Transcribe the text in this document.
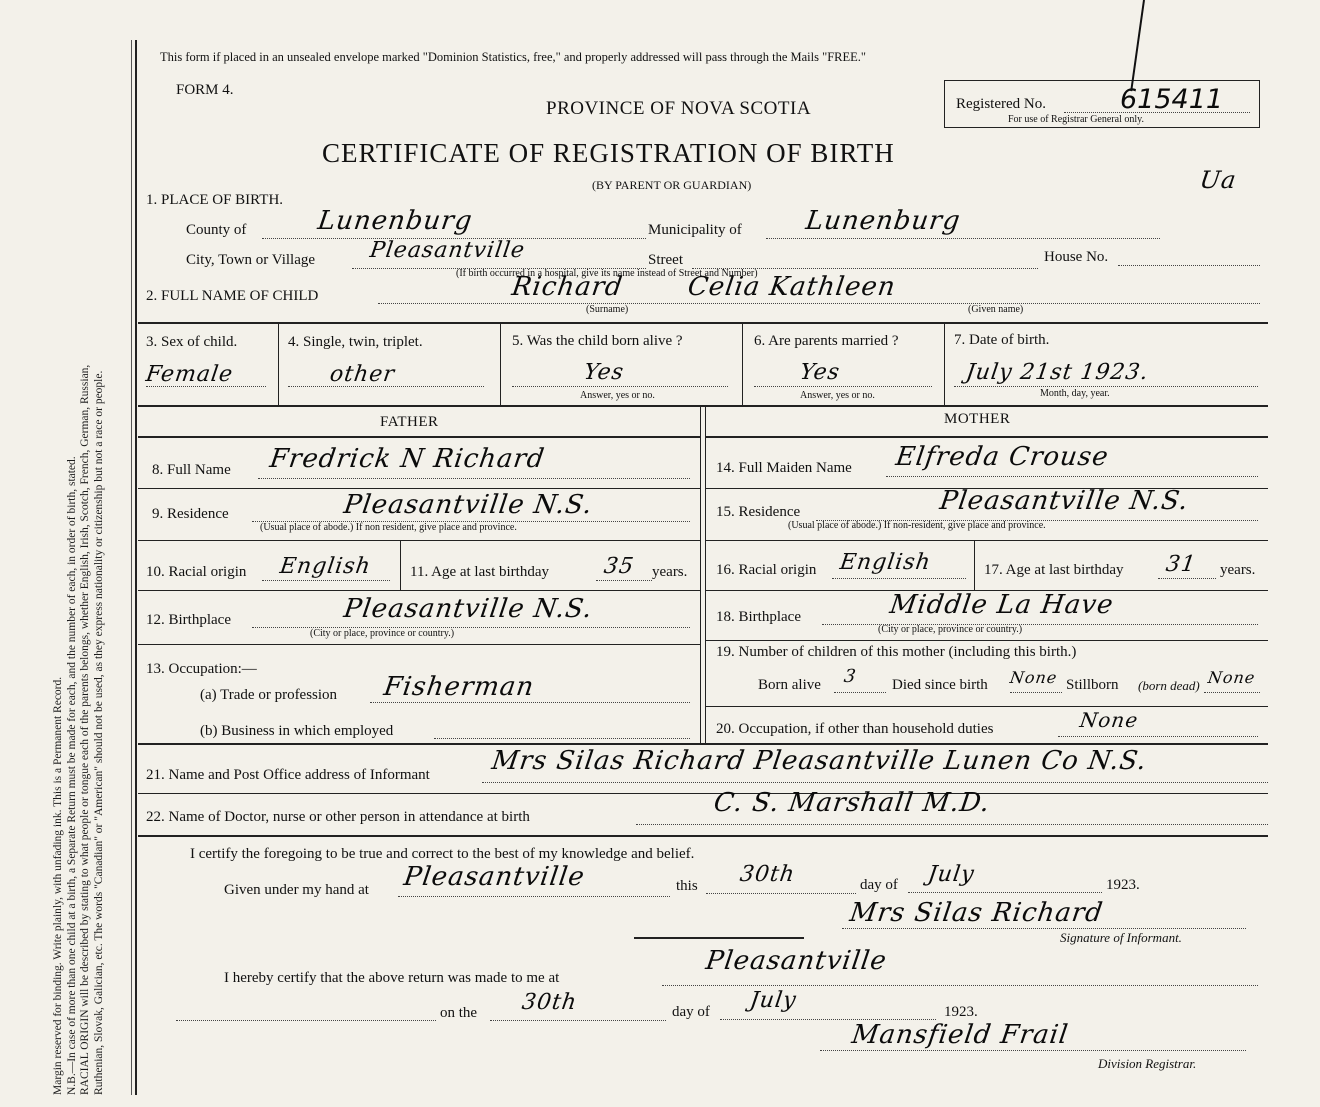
Margin reserved for binding. Write plainly, with unfading ink. This is a Permanent Record. N.B.—In case of more than one child at a birth, a Separate Return must be made for each, and the number of each, in order of birth, stated. RACIAL ORIGIN will be described by stating to what people or tongue each of the parents belongs, whether English, Irish, Scotch, French, German, Russian, Ruthenian, Slovak, Galician, etc. The words "Canadian" or "American" should not be used, as they express nationality or citizenship but not a race or people.
This form if placed in an unsealed envelope marked "Dominion Statistics, free," and properly addressed will pass through the Mails "FREE."
FORM 4.
PROVINCE OF NOVA SCOTIA
CERTIFICATE OF REGISTRATION OF BIRTH
(BY PARENT OR GUARDIAN)
Registered No.	615411
For use of Registrar General only.
Ua
1. PLACE OF BIRTH.
County of	Lunenburg	Municipality of Lunenburg
City, Town or Village Pleasantville	Street	House No.
(If birth occurred in a hospital, give its name instead of Street and Number)
2. FULL NAME OF CHILD	Richard Celia Kathleen
(Surname)	(Given name)
3. Sex of child.
Female
4. Single, twin, triplet.
other
5. Was the child born alive ?
Yes
Answer, yes or no.
6. Are parents married ?
Yes
Answer, yes or no.
7. Date of birth.
July 21st 1923.
Month, day, year.
FATHER	MOTHER
8. Full Name Fredrick N Richard
9. Residence	Pleasantville N.S.
(Usual place of abode.) If non resident, give place and province.
10. Racial origin English 11. Age at last birthday 35 years.
12. Birthplace	Pleasantville N.S.
(City or place, province or country.)
13. Occupation:—
(a) Trade or profession Fisherman
(b) Business in which employed
14. Full Maiden Name Elfreda Crouse
15. Residence	Pleasantville N.S.
(Usual place of abode.) If non-resident, give place and province.
16. Racial origin English	17. Age at last birthday 31 years.
18. Birthplace	Middle La Have
(City or place, province or country.)
19. Number of children of this mother (including this birth.)
Born alive 3 Died since birth None Stillborn (born dead) None
20. Occupation, if other than household duties	None
21. Name and Post Office address of Informant Mrs Silas Richard Pleasantville Lunen Co N.S.
22. Name of Doctor, nurse or other person in attendance at birth	C. S. Marshall M.D.
I certify the foregoing to be true and correct to the best of my knowledge and belief.
Given under my hand at Pleasantville	this 30th	day of July	1923.
Mrs Silas Richard
Signature of Informant.
I hereby certify that the above return was made to me at
Pleasantville
on the 30th	day of July	1923.
Mansfield Frail
Division Registrar.
